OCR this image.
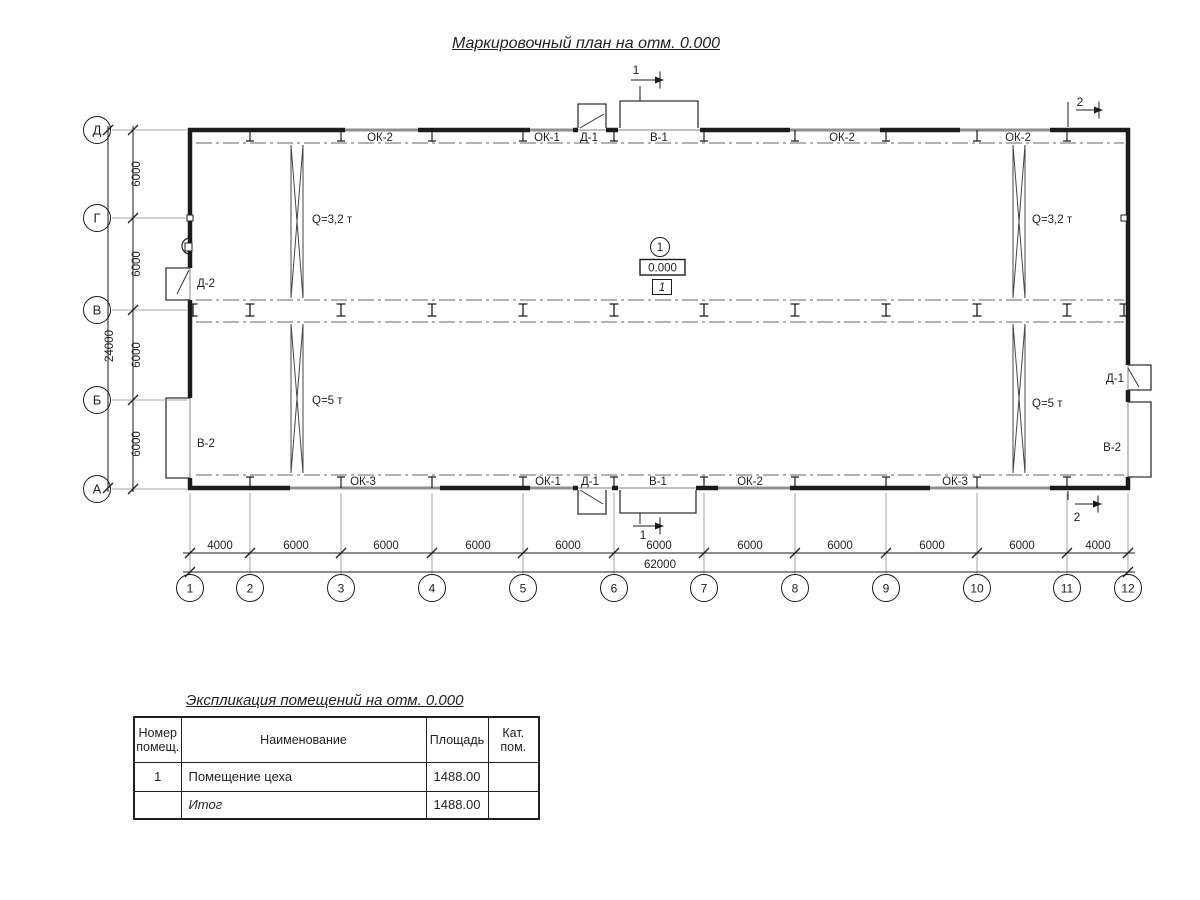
Маркировочный план на отм. 0.000
ОК-2	ОК-1 Д-1	В-1	ОК-2	ОК-2
ОК-3	ОК-1 Д-1	В-1	ОК-2	ОК-3
Д-2
В-2
Д-1
В-2
Q=3,2 т
Q=5 т
Q=3,2 т
Q=5 т
1
0.000
1
1
1
2
2
4000	6000	6000	6000	6000	6000	6000	6000	6000	6000	4000
62000
6000
6000
6000
6000
24000
Д
Г
В
Б
А
1	2	3	4	5	6	7	8	9	10	11	12
Экспликация помещений на отм. 0.000
Номер помещ.	Наименование	Площадь	Кат. пом.
1	Помещение цеха	1488.00	
	Итог	1488.00	
